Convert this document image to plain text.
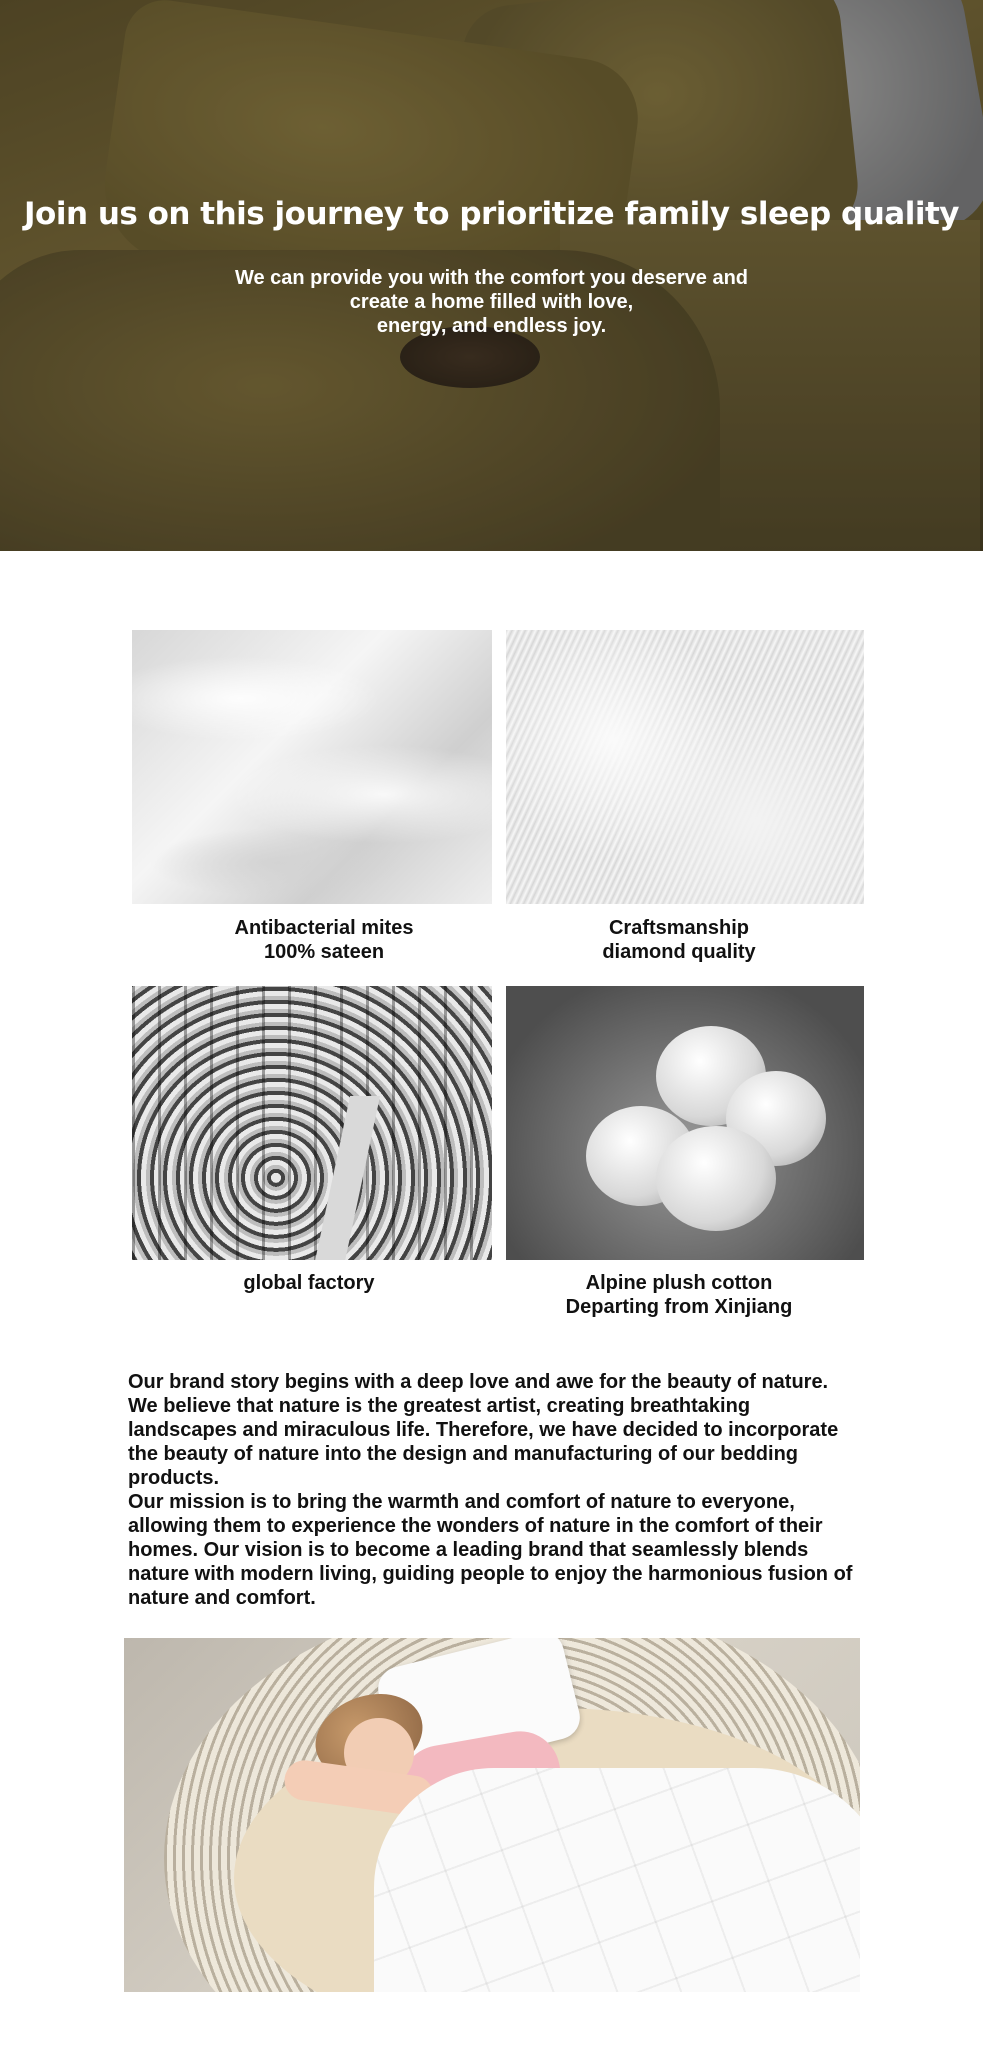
Join us on this journey to prioritize family sleep quality

We can provide you with the comfort you deserve and
create a home filled with love,
energy, and endless joy.

Antibacterial mites
100% sateen
Craftsmanship
diamond quality
global factory	Alpine plush cotton
Departing from Xinjiang

Our brand story begins with a deep love and awe for the beauty of nature. We believe that nature is the greatest artist, creating breathtaking landscapes and miraculous life. Therefore, we have decided to incorporate the beauty of nature into the design and manufacturing of our bedding products.

Our mission is to bring the warmth and comfort of nature to everyone, allowing them to experience the wonders of nature in the comfort of their homes. Our vision is to become a leading brand that seamlessly blends nature with modern living, guiding people to enjoy the harmonious fusion of nature and comfort.
